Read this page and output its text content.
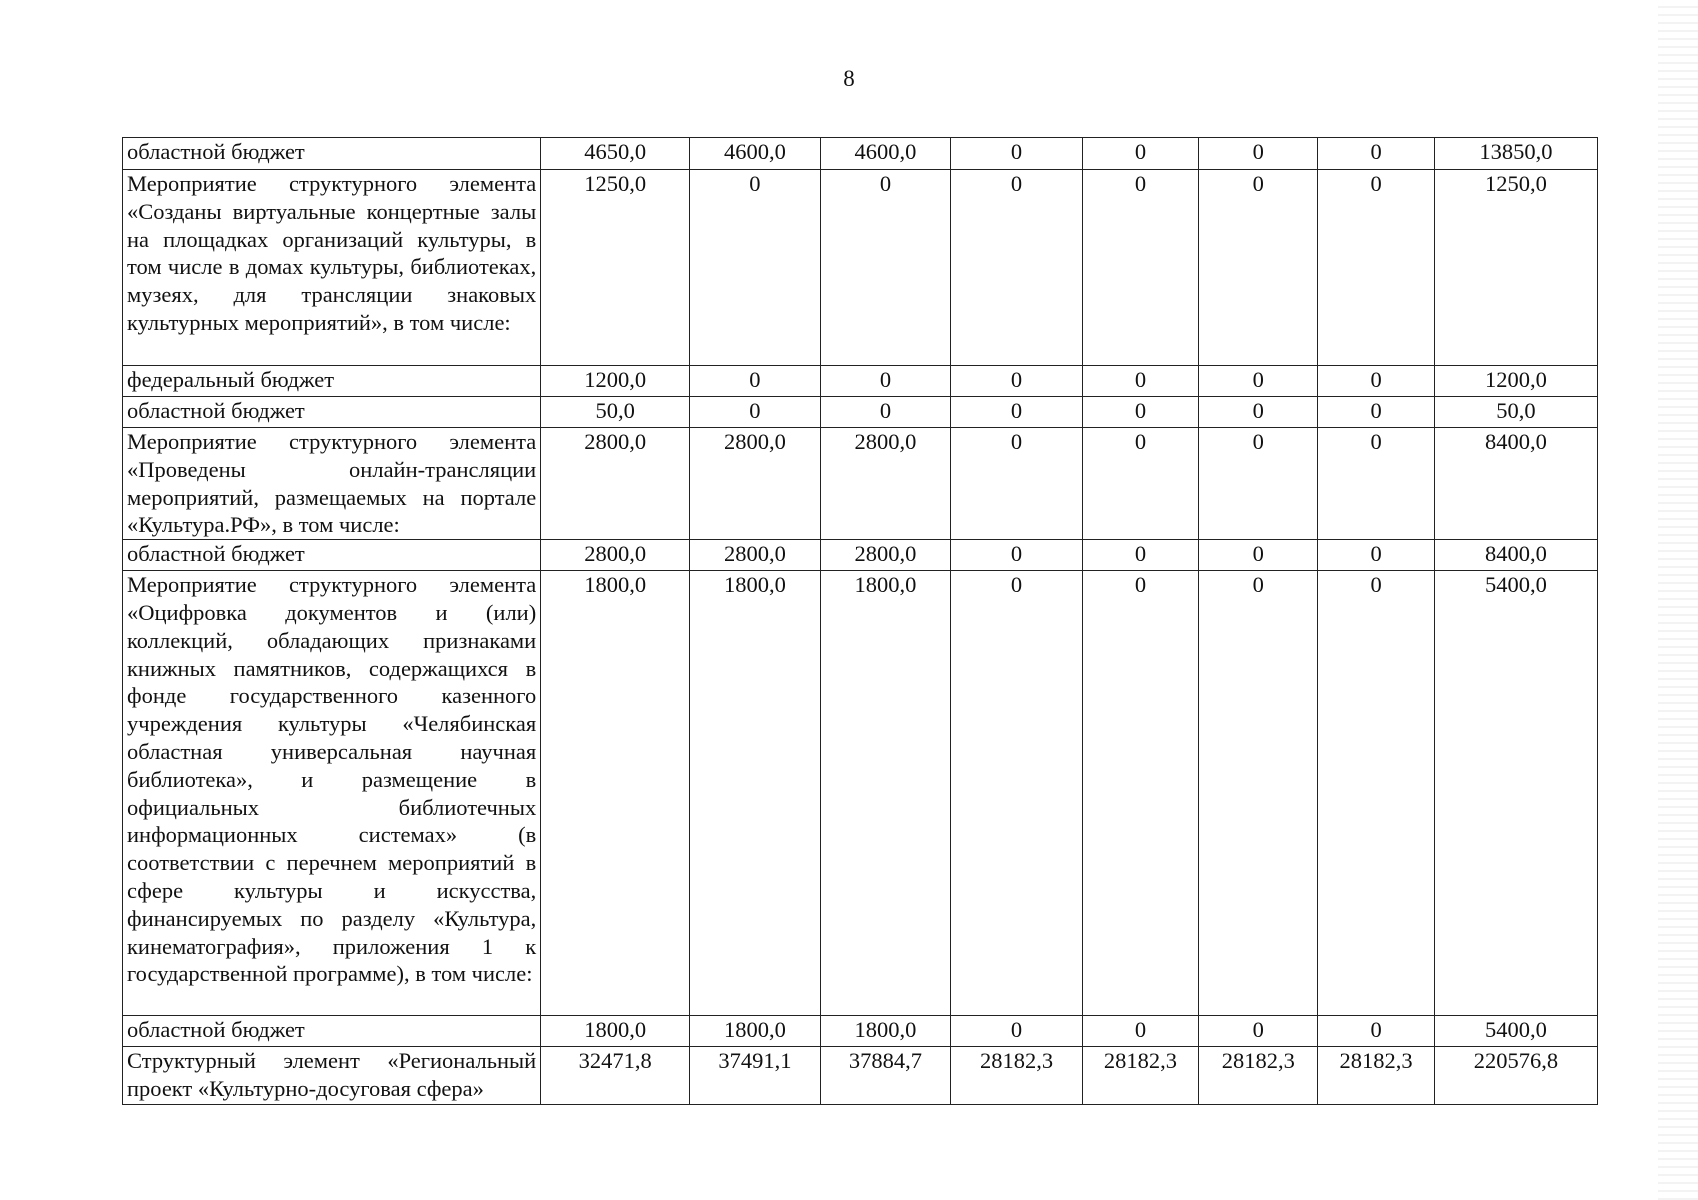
8
областной бюджет	4650,0	4600,0	4600,0	0	0	0	0	13850,0
Мероприятие структурного элемента «Созданы виртуальные концертные залы на площадках организаций культуры, в том числе в домах культуры, библиотеках, музеях, для трансляции знаковых культурных мероприятий», в том числе:	1250,0	0	0	0	0	0	0	1250,0
федеральный бюджет	1200,0	0	0	0	0	0	0	1200,0
областной бюджет	50,0	0	0	0	0	0	0	50,0
Мероприятие структурного элемента «Проведены онлайн-трансляции мероприятий, размещаемых на портале «Культура.РФ», в том числе:	2800,0	2800,0	2800,0	0	0	0	0	8400,0
областной бюджет	2800,0	2800,0	2800,0	0	0	0	0	8400,0
Мероприятие структурного элемента «Оцифровка документов и (или) коллекций, обладающих признаками книжных памятников, содержащихся в фонде государственного казенного учреждения культуры «Челябинская областная универсальная научная библиотека», и размещение в официальных библиотечных информационных системах» (в соответствии с перечнем мероприятий в сфере культуры и искусства, финансируемых по разделу «Культура, кинематография», приложения 1 к государственной программе), в том числе:	1800,0	1800,0	1800,0	0	0	0	0	5400,0
областной бюджет	1800,0	1800,0	1800,0	0	0	0	0	5400,0
Структурный элемент «Региональный проект «Культурно-досуговая сфера»	32471,8	37491,1	37884,7	28182,3	28182,3	28182,3	28182,3	220576,8
